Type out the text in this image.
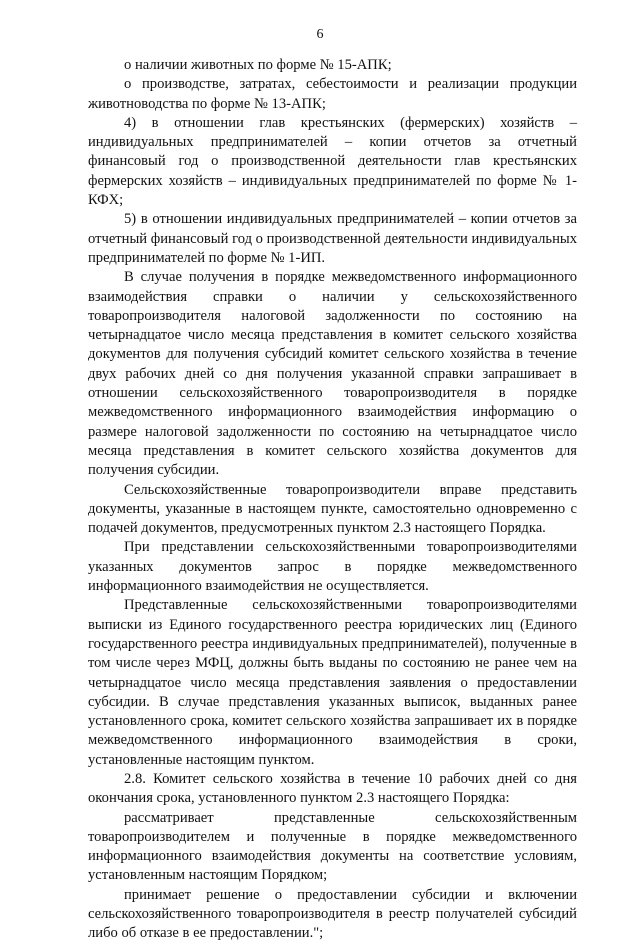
6

о наличии животных по форме № 15-АПК;

о производстве, затратах, себестоимости и реализации продукции животноводства по форме № 13-АПК;

4) в отношении глав крестьянских (фермерских) хозяйств – индивидуальных предпринимателей – копии отчетов за отчетный финансовый год о производственной деятельности глав крестьянских фермерских хозяйств – индивидуальных предпринимателей по форме № 1-КФХ;

5) в отношении индивидуальных предпринимателей – копии отчетов за отчетный финансовый год о производственной деятельности индивидуальных предпринимателей по форме № 1-ИП.

В случае получения в порядке межведомственного информационного взаимодействия справки о наличии у сельскохозяйственного товаропроизводителя налоговой задолженности по состоянию на четырнадцатое число месяца представления в комитет сельского хозяйства документов для получения субсидий комитет сельского хозяйства в течение двух рабочих дней со дня получения указанной справки запрашивает в отношении сельскохозяйственного товаропроизводителя в порядке межведомственного информационного взаимодействия информацию о размере налоговой задолженности по состоянию на четырнадцатое число месяца представления в комитет сельского хозяйства документов для получения субсидии.

Сельскохозяйственные товаропроизводители вправе представить документы, указанные в настоящем пункте, самостоятельно одновременно с подачей документов, предусмотренных пунктом 2.3 настоящего Порядка.

При представлении сельскохозяйственными товаропроизводителями указанных документов запрос в порядке межведомственного информационного взаимодействия не осуществляется.

Представленные сельскохозяйственными товаропроизводителями выписки из Единого государственного реестра юридических лиц (Единого государственного реестра индивидуальных предпринимателей), полученные в том числе через МФЦ, должны быть выданы по состоянию не ранее чем на четырнадцатое число месяца представления заявления о предоставлении субсидии. В случае представления указанных выписок, выданных ранее установленного срока, комитет сельского хозяйства запрашивает их в порядке межведомственного информационного взаимодействия в сроки, установленные настоящим пунктом.

2.8. Комитет сельского хозяйства в течение 10 рабочих дней со дня окончания срока, установленного пунктом 2.3 настоящего Порядка:

рассматривает представленные сельскохозяйственным товаропроизводителем и полученные в порядке межведомственного информационного взаимодействия документы на соответствие условиям, установленным настоящим Порядком;

принимает решение о предоставлении субсидии и включении сельскохозяйственного товаропроизводителя в реестр получателей субсидий либо об отказе в ее предоставлении.";
